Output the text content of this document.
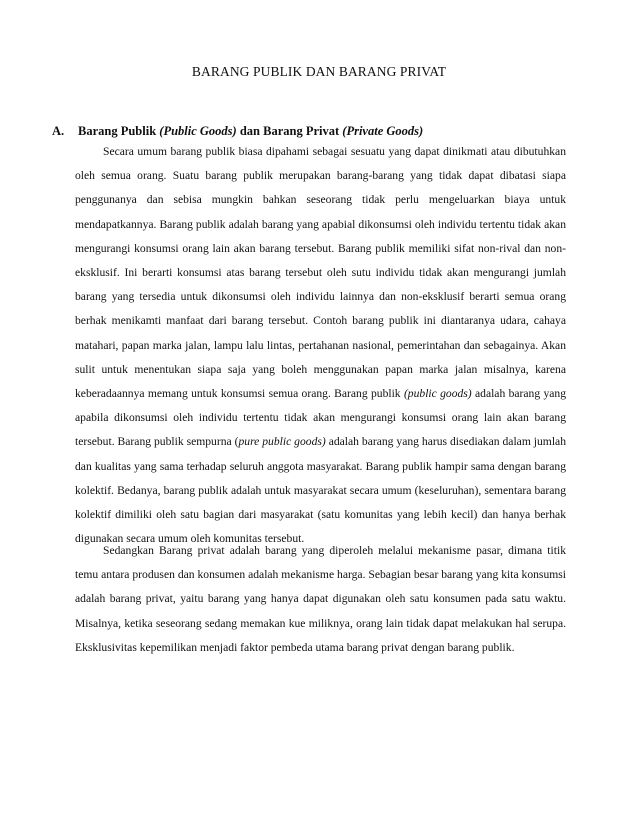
BARANG PUBLIK DAN BARANG PRIVAT
A. Barang Publik (Public Goods) dan Barang Privat (Private Goods)

Secara umum barang publik biasa dipahami sebagai sesuatu yang dapat dinikmati atau dibutuhkan oleh semua orang. Suatu barang publik merupakan barang-barang yang tidak dapat dibatasi siapa penggunanya dan sebisa mungkin bahkan seseorang tidak perlu mengeluarkan biaya untuk mendapatkannya. Barang publik adalah barang yang apabial dikonsumsi oleh individu tertentu tidak akan mengurangi konsumsi orang lain akan barang tersebut. Barang publik memiliki sifat non-rival dan non-eksklusif. Ini berarti konsumsi atas barang tersebut oleh sutu individu tidak akan mengurangi jumlah barang yang tersedia untuk dikonsumsi oleh individu lainnya dan non-eksklusif berarti semua orang berhak menikamti manfaat dari barang tersebut. Contoh barang publik ini diantaranya udara, cahaya matahari, papan marka jalan, lampu lalu lintas, pertahanan nasional, pemerintahan dan sebagainya. Akan sulit untuk menentukan siapa saja yang boleh menggunakan papan marka jalan misalnya, karena keberadaannya memang untuk konsumsi semua orang. Barang publik (public goods) adalah barang yang apabila dikonsumsi oleh individu tertentu tidak akan mengurangi konsumsi orang lain akan barang tersebut. Barang publik sempurna (pure public goods) adalah barang yang harus disediakan dalam jumlah dan kualitas yang sama terhadap seluruh anggota masyarakat. Barang publik hampir sama dengan barang kolektif. Bedanya, barang publik adalah untuk masyarakat secara umum (keseluruhan), sementara barang kolektif dimiliki oleh satu bagian dari masyarakat (satu komunitas yang lebih kecil) dan hanya berhak digunakan secara umum oleh komunitas tersebut.

Sedangkan Barang privat adalah barang yang diperoleh melalui mekanisme pasar, dimana titik temu antara produsen dan konsumen adalah mekanisme harga. Sebagian besar barang yang kita konsumsi adalah barang privat, yaitu barang yang hanya dapat digunakan oleh satu konsumen pada satu waktu. Misalnya, ketika seseorang sedang memakan kue miliknya, orang lain tidak dapat melakukan hal serupa. Eksklusivitas kepemilikan menjadi faktor pembeda utama barang privat dengan barang publik.
